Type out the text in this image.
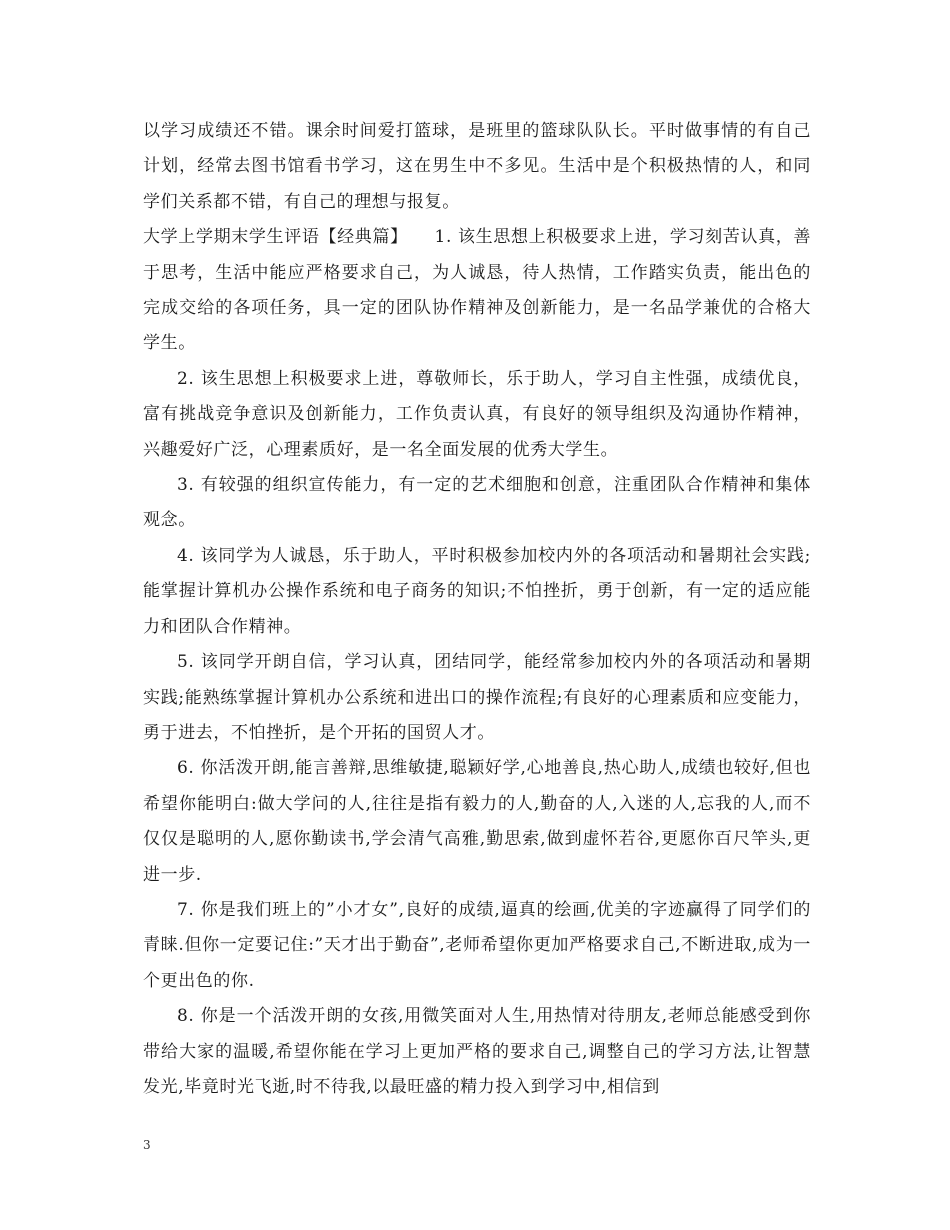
以学习成绩还不错。课余时间爱打篮球，是班里的篮球队队长。平时做事情的有自己计划，经常去图书馆看书学习，这在男生中不多见。生活中是个积极热情的人，和同学们关系都不错，有自己的理想与报复。

大学上学期末学生评语【经典篇】　　1. 该生思想上积极要求上进，学习刻苦认真，善于思考，生活中能应严格要求自己，为人诚恳，待人热情，工作踏实负责，能出色的完成交给的各项任务，具一定的团队协作精神及创新能力，是一名品学兼优的合格大学生。

2. 该生思想上积极要求上进，尊敬师长，乐于助人，学习自主性强，成绩优良，富有挑战竞争意识及创新能力，工作负责认真，有良好的领导组织及沟通协作精神，兴趣爱好广泛，心理素质好，是一名全面发展的优秀大学生。

3. 有较强的组织宣传能力，有一定的艺术细胞和创意，注重团队合作精神和集体观念。

4. 该同学为人诚恳，乐于助人，平时积极参加校内外的各项活动和暑期社会实践;能掌握计算机办公操作系统和电子商务的知识;不怕挫折，勇于创新，有一定的适应能力和团队合作精神。

5. 该同学开朗自信，学习认真，团结同学，能经常参加校内外的各项活动和暑期实践;能熟练掌握计算机办公系统和进出口的操作流程;有良好的心理素质和应变能力，勇于进去，不怕挫折，是个开拓的国贸人才。

6. 你活泼开朗,能言善辩,思维敏捷,聪颖好学,心地善良,热心助人,成绩也较好,但也希望你能明白:做大学问的人,往往是指有毅力的人,勤奋的人,入迷的人,忘我的人,而不仅仅是聪明的人,愿你勤读书,学会清气高雅,勤思索,做到虚怀若谷,更愿你百尺竿头,更进一步.

7. 你是我们班上的”小才女”,良好的成绩,逼真的绘画,优美的字迹赢得了同学们的青睐.但你一定要记住:”天才出于勤奋”,老师希望你更加严格要求自己,不断进取,成为一个更出色的你.

8. 你是一个活泼开朗的女孩,用微笑面对人生,用热情对待朋友,老师总能感受到你带给大家的温暖,希望你能在学习上更加严格的要求自己,调整自己的学习方法,让智慧发光,毕竟时光飞逝,时不待我,以最旺盛的精力投入到学习中,相信到

3
